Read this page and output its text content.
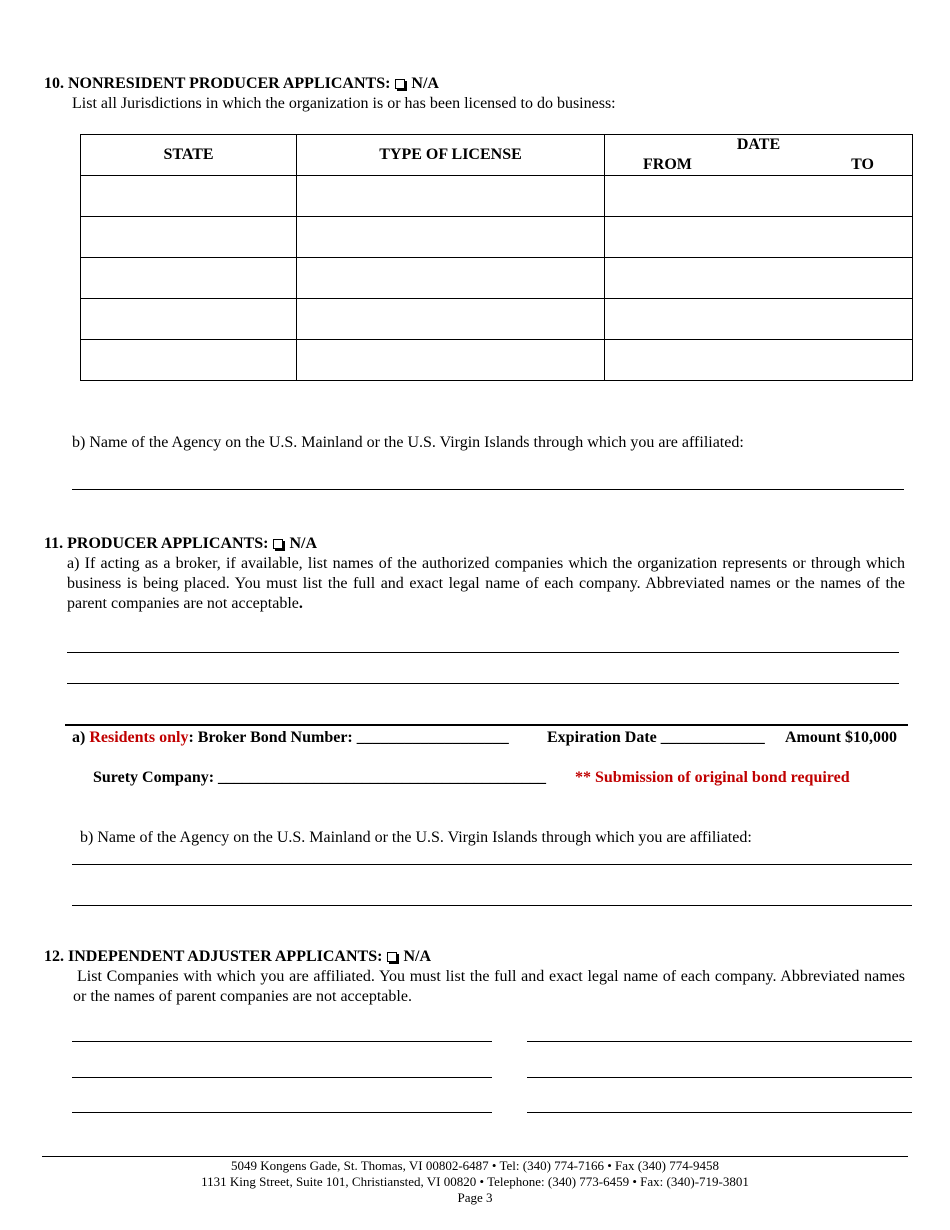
10. NONRESIDENT PRODUCER APPLICANTS: N/A
List all Jurisdictions in which the organization is or has been licensed to do business:
STATE	TYPE OF LICENSE	DATE
FROM TO

b) Name of the Agency on the U.S. Mainland or the U.S. Virgin Islands through which you are affiliated:
11. PRODUCER APPLICANTS: N/A
a) If acting as a broker, if available, list names of the authorized companies which the organization represents or through which business is being placed. You must list the full and exact legal name of each company. Abbreviated names or the names of the parent companies are not acceptable.
a) Residents only: Broker Bond Number: ___________________ Expiration Date _____________ Amount $10,000
Surety Company: _________________________________________ ** Submission of original bond required
b) Name of the Agency on the U.S. Mainland or the U.S. Virgin Islands through which you are affiliated:
12. INDEPENDENT ADJUSTER APPLICANTS: N/A
List Companies with which you are affiliated. You must list the full and exact legal name of each company. Abbreviated names or the names of parent companies are not acceptable.
5049 Kongens Gade, St. Thomas, VI 00802-6487 • Tel: (340) 774-7166 • Fax (340) 774-9458
1131 King Street, Suite 101, Christiansted, VI 00820 • Telephone: (340) 773-6459 • Fax: (340)-719-3801
Page 3
